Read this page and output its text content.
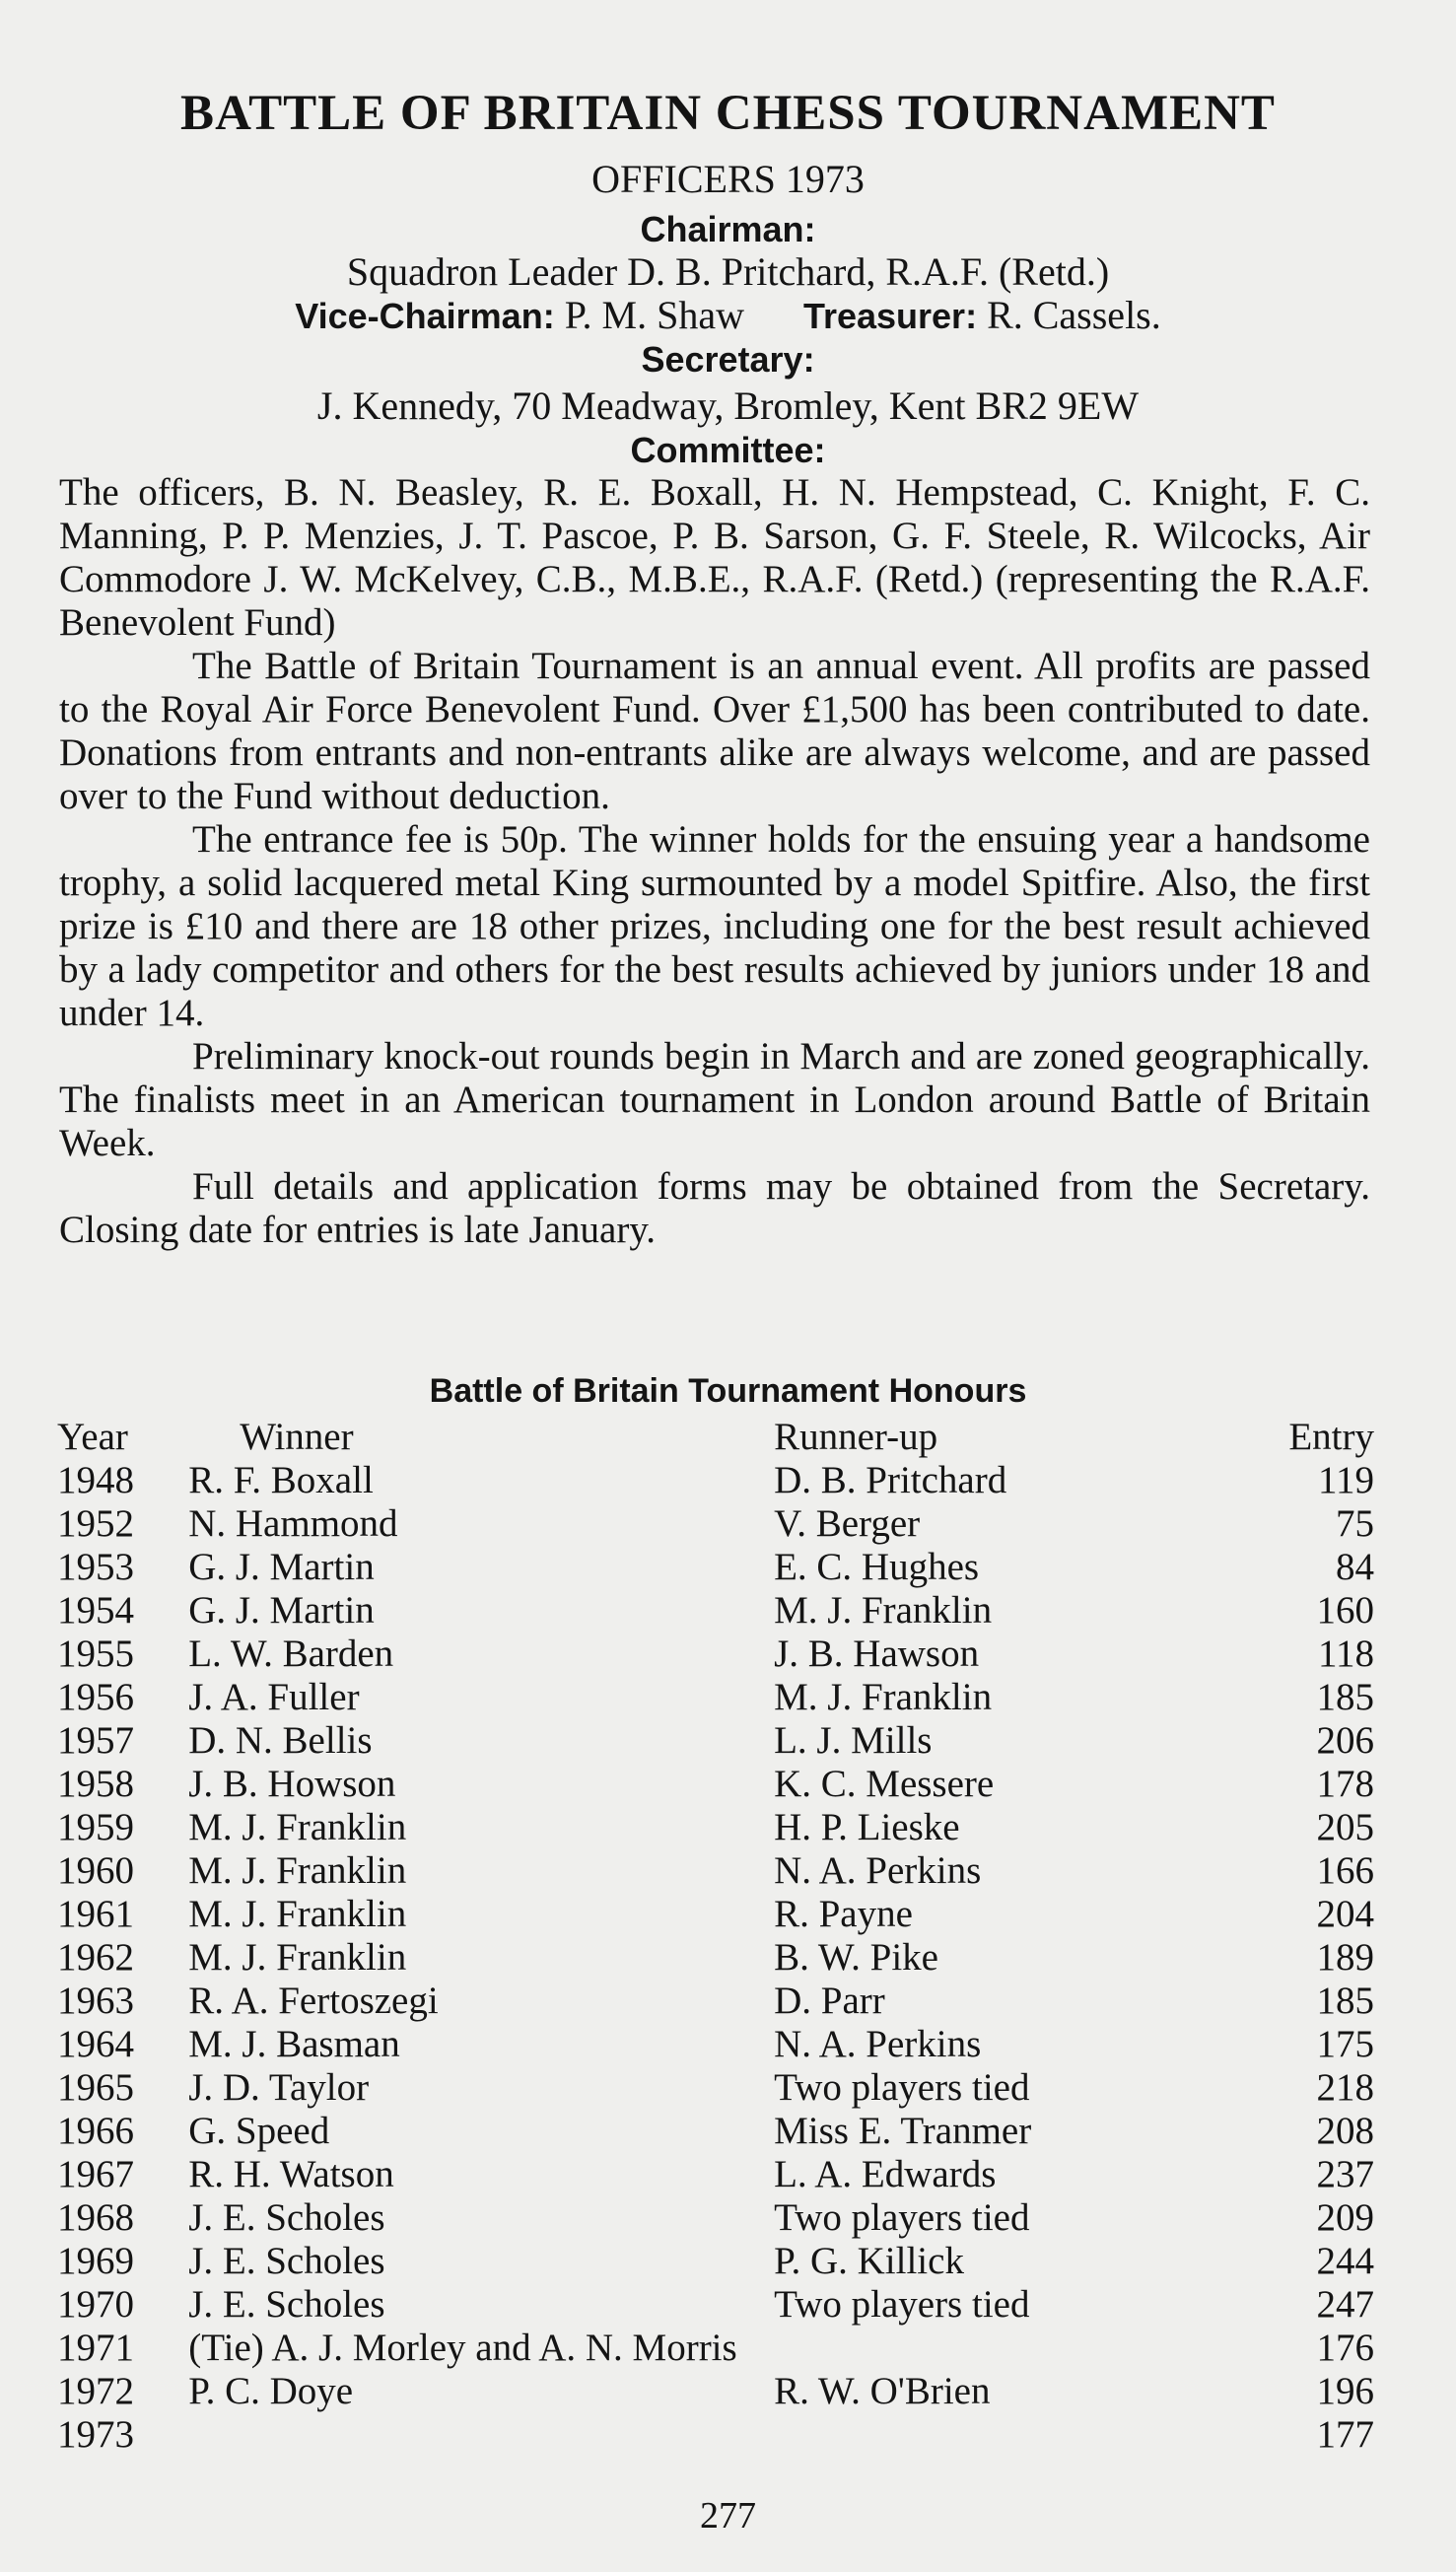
BATTLE OF BRITAIN CHESS TOURNAMENT
OFFICERS 1973
Chairman:
Squadron Leader D. B. Pritchard, R.A.F. (Retd.)
Vice-Chairman: P. M. Shaw Treasurer: R. Cassels.
Secretary:
J. Kennedy, 70 Meadway, Bromley, Kent BR2 9EW
Committee:

The officers, B. N. Beasley, R. E. Boxall, H. N. Hempstead, C. Knight, F. C. Manning, P. P. Menzies, J. T. Pascoe, P. B. Sarson, G. F. Steele, R. Wilcocks, Air Commodore J. W. McKelvey, C.B., M.B.E., R.A.F. (Retd.) (representing the R.A.F. Benevolent Fund)

The Battle of Britain Tournament is an annual event. All profits are passed to the Royal Air Force Benevolent Fund. Over £1,500 has been contributed to date. Donations from entrants and non-entrants alike are always welcome, and are passed over to the Fund without deduction.

The entrance fee is 50p. The winner holds for the ensuing year a handsome trophy, a solid lacquered metal King surmounted by a model Spitfire. Also, the first prize is £10 and there are 18 other prizes, including one for the best result achieved by a lady competitor and others for the best results achieved by juniors under 18 and under 14.

Preliminary knock-out rounds begin in March and are zoned geographically. The finalists meet in an American tournament in London around Battle of Britain Week.

Full details and application forms may be obtained from the Secretary. Closing date for entries is late January.

Battle of Britain Tournament Honours
Year	Winner	Runner-up	Entry
1948	R. F. Boxall	D. B. Pritchard	119
1952	N. Hammond	V. Berger	75
1953	G. J. Martin	E. C. Hughes	84
1954	G. J. Martin	M. J. Franklin	160
1955	L. W. Barden	J. B. Hawson	118
1956	J. A. Fuller	M. J. Franklin	185
1957	D. N. Bellis	L. J. Mills	206
1958	J. B. Howson	K. C. Messere	178
1959	M. J. Franklin	H. P. Lieske	205
1960	M. J. Franklin	N. A. Perkins	166
1961	M. J. Franklin	R. Payne	204
1962	M. J. Franklin	B. W. Pike	189
1963	R. A. Fertoszegi	D. Parr	185
1964	M. J. Basman	N. A. Perkins	175
1965	J. D. Taylor	Two players tied	218
1966	G. Speed	Miss E. Tranmer	208
1967	R. H. Watson	L. A. Edwards	237
1968	J. E. Scholes	Two players tied	209
1969	J. E. Scholes	P. G. Killick	244
1970	J. E. Scholes	Two players tied	247
1971	(Tie) A. J. Morley and A. N. Morris		176
1972	P. C. Doye	R. W. O'Brien	196
1973			177
277
